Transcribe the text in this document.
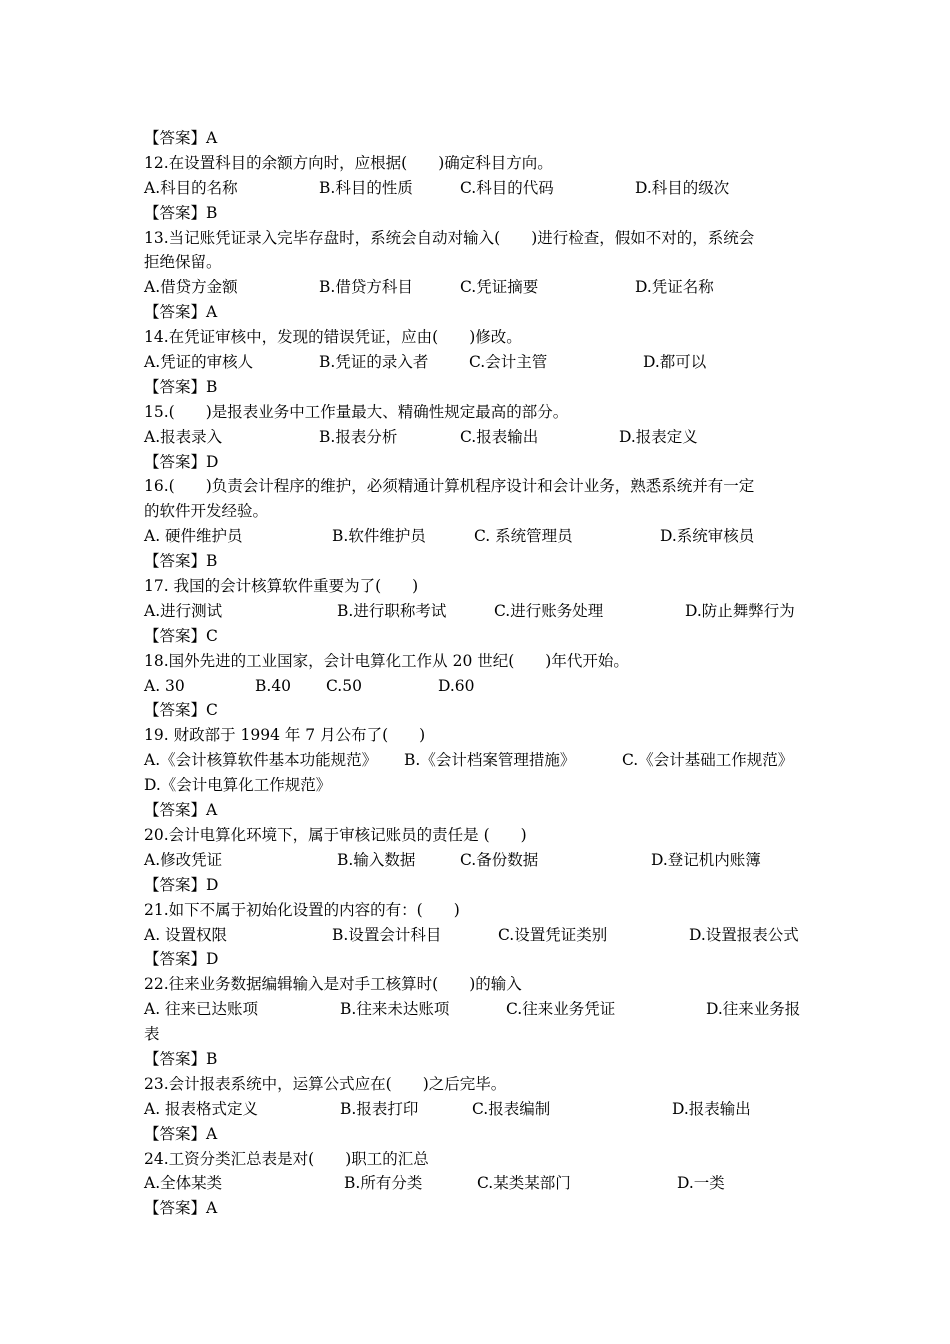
【答案】A
12.在设置科目的余额方向时，应根据(　　)确定科目方向。
A.科目的名称	B.科目的性质	C.科目的代码	D.科目的级次
【答案】B
13.当记账凭证录入完毕存盘时，系统会自动对输入(　　)进行检查，假如不对的，系统会
拒绝保留。
A.借贷方金额	B.借贷方科目	C.凭证摘要	D.凭证名称
【答案】A
14.在凭证审核中，发现的错误凭证，应由(　　)修改。
A.凭证的审核人	B.凭证的录入者	C.会计主管	D.都可以
【答案】B
15.(　　)是报表业务中工作量最大、精确性规定最高的部分。
A.报表录入	B.报表分析	C.报表输出	D.报表定义
【答案】D
16.(　　)负责会计程序的维护，必须精通计算机程序设计和会计业务，熟悉系统并有一定
的软件开发经验。
A. 硬件维护员	B.软件维护员	C. 系统管理员	D.系统审核员
【答案】B
17. 我国的会计核算软件重要为了(　　)
A.进行测试	B.进行职称考试	C.进行账务处理	D.防止舞弊行为
【答案】C
18.国外先进的工业国家，会计电算化工作从 20 世纪(　　)年代开始。
A. 30	B.40 C.50	D.60
【答案】C
19. 财政部于 1994 年 7 月公布了(　　)
A.《会计核算软件基本功能规范》 B.《会计档案管理措施》	C.《会计基础工作规范》
D.《会计电算化工作规范》
【答案】A
20.会计电算化环境下，属于审核记账员的责任是 (　　)
A.修改凭证	B.输入数据	C.备份数据	D.登记机内账簿
【答案】D
21.如下不属于初始化设置的内容的有：(　　)
A. 设置权限	B.设置会计科目	C.设置凭证类别	D.设置报表公式
【答案】D
22.往来业务数据编辑输入是对手工核算时(　　)的输入
A. 往来已达账项	B.往来未达账项	C.往来业务凭证	D.往来业务报
表
【答案】B
23.会计报表系统中，运算公式应在(　　)之后完毕。
A. 报表格式定义	B.报表打印	C.报表编制	D.报表输出
【答案】A
24.工资分类汇总表是对(　　)职工的汇总
A.全体某类	B.所有分类	C.某类某部门	D.一类
【答案】A
